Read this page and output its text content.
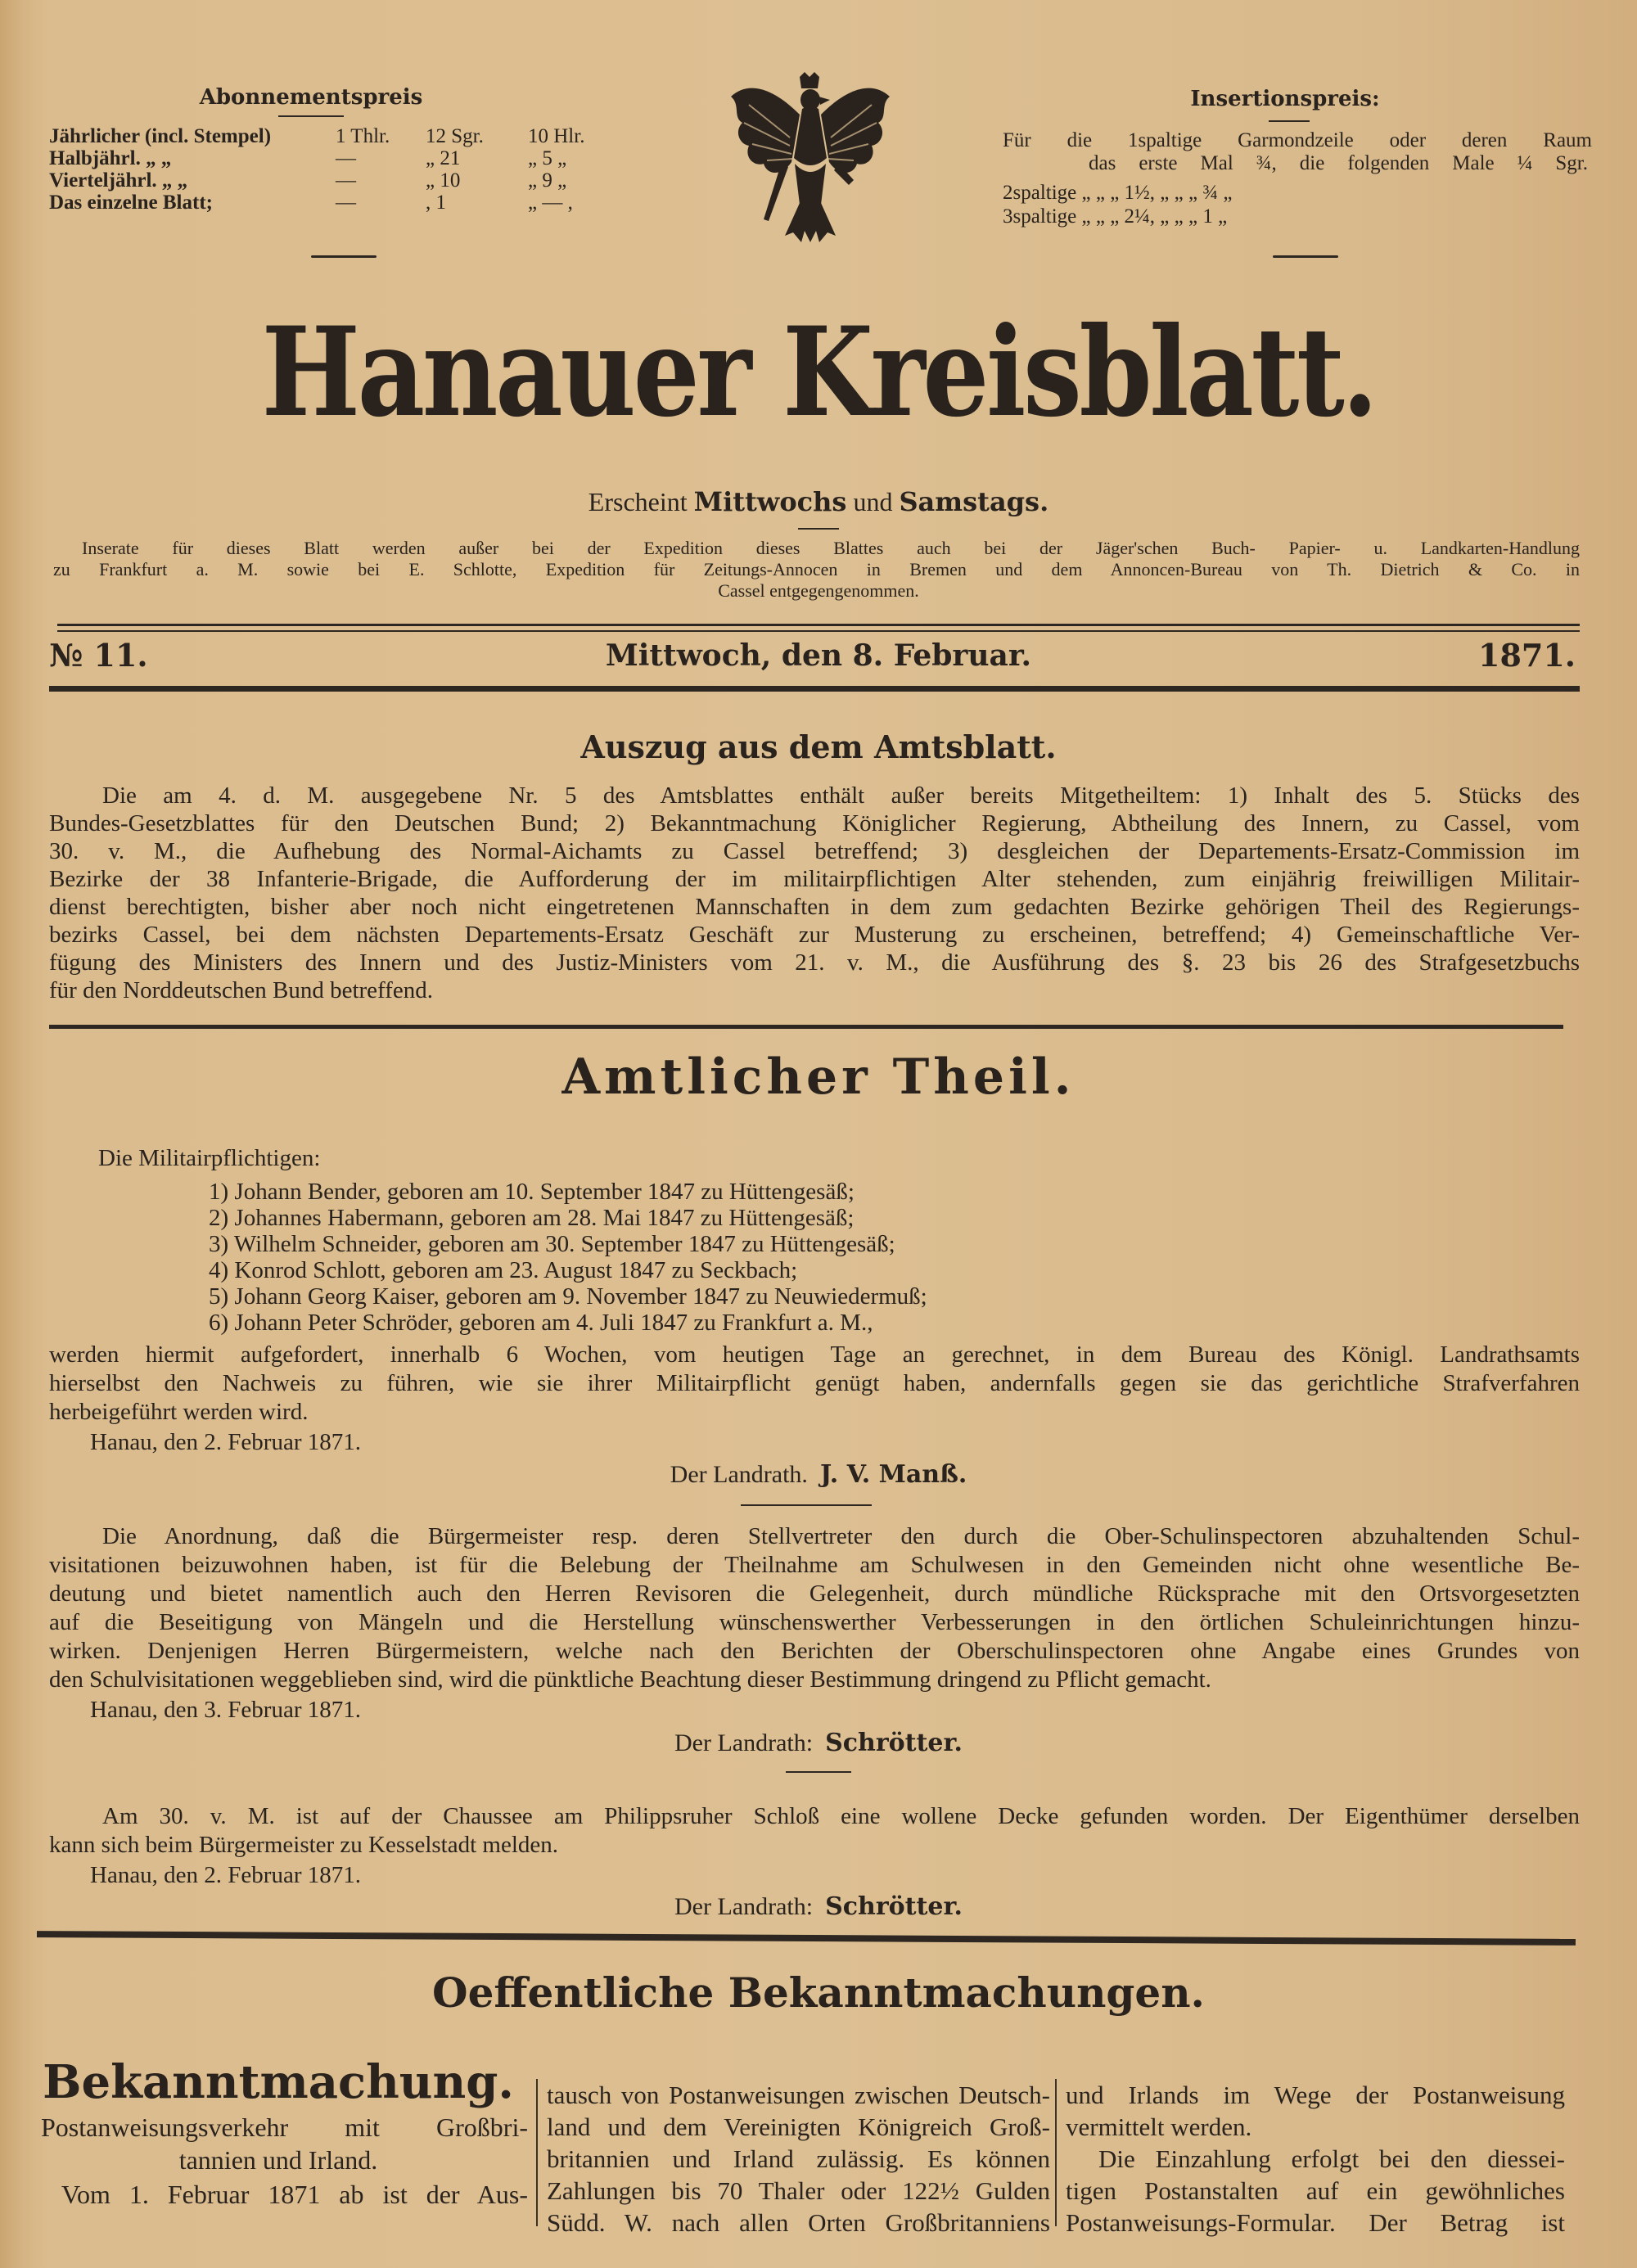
Abonnementspreis
Jährlicher (incl. Stempel)	1 Thlr. 12 Sgr. 10 Hlr.
Halbjährl. „ „	—	„ 21	„ 5 „
Vierteljährl. „ „	—	„ 10	„ 9 „
Das einzelne Blatt;	—	, 1	„ — ,
Insertionspreis:
Für die 1spaltige Garmondzeile oder deren Raum
das erste Mal ¾, die folgenden Male ¼ Sgr.
2spaltige „ „ „ 1½, „ „ „ ¾ „
3spaltige „ „ „ 2¼, „ „ „ 1 „
Hanauer Kreisblatt.
Erscheint Mittwochs und Samstags.
Inserate für dieses Blatt werden außer bei der Expedition dieses Blattes auch bei der Jäger'schen Buch- Papier- u. Landkarten-Handlung
zu Frankfurt a. M. sowie bei E. Schlotte, Expedition für Zeitungs-Annocen in Bremen und dem Annoncen-Bureau von Th. Dietrich & Co. in
Cassel entgegengenommen.
№ 11.	Mittwoch, den 8. Februar.	1871.
Auszug aus dem Amtsblatt.
Die am 4. d. M. ausgegebene Nr. 5 des Amtsblattes enthält außer bereits Mitgetheiltem: 1) Inhalt des 5. Stücks des
Bundes-Gesetzblattes für den Deutschen Bund; 2) Bekanntmachung Königlicher Regierung, Abtheilung des Innern, zu Cassel, vom
30. v. M., die Aufhebung des Normal-Aichamts zu Cassel betreffend; 3) desgleichen der Departements-Ersatz-Commission im
Bezirke der 38 Infanterie-Brigade, die Aufforderung der im militairpflichtigen Alter stehenden, zum einjährig freiwilligen Militair-
dienst berechtigten, bisher aber noch nicht eingetretenen Mannschaften in dem zum gedachten Bezirke gehörigen Theil des Regierungs-
bezirks Cassel, bei dem nächsten Departements-Ersatz Geschäft zur Musterung zu erscheinen, betreffend; 4) Gemeinschaftliche Ver-
fügung des Ministers des Innern und des Justiz-Ministers vom 21. v. M., die Ausführung des §. 23 bis 26 des Strafgesetzbuchs
für den Norddeutschen Bund betreffend.
Amtlicher Theil.
Die Militairpflichtigen:
1) Johann Bender, geboren am 10. September 1847 zu Hüttengesäß;
2) Johannes Habermann, geboren am 28. Mai 1847 zu Hüttengesäß;
3) Wilhelm Schneider, geboren am 30. September 1847 zu Hüttengesäß;
4) Konrod Schlott, geboren am 23. August 1847 zu Seckbach;
5) Johann Georg Kaiser, geboren am 9. November 1847 zu Neuwiedermuß;
6) Johann Peter Schröder, geboren am 4. Juli 1847 zu Frankfurt a. M.,
werden hiermit aufgefordert, innerhalb 6 Wochen, vom heutigen Tage an gerechnet, in dem Bureau des Königl. Landrathsamts
hierselbst den Nachweis zu führen, wie sie ihrer Militairpflicht genügt haben, andernfalls gegen sie das gerichtliche Strafverfahren
herbeigeführt werden wird.
Hanau, den 2. Februar 1871.
Der Landrath. J. V. Manß.
Die Anordnung, daß die Bürgermeister resp. deren Stellvertreter den durch die Ober-Schulinspectoren abzuhaltenden Schul-
visitationen beizuwohnen haben, ist für die Belebung der Theilnahme am Schulwesen in den Gemeinden nicht ohne wesentliche Be-
deutung und bietet namentlich auch den Herren Revisoren die Gelegenheit, durch mündliche Rücksprache mit den Ortsvorgesetzten
auf die Beseitigung von Mängeln und die Herstellung wünschenswerther Verbesserungen in den örtlichen Schuleinrichtungen hinzu-
wirken. Denjenigen Herren Bürgermeistern, welche nach den Berichten der Oberschulinspectoren ohne Angabe eines Grundes von
den Schulvisitationen weggeblieben sind, wird die pünktliche Beachtung dieser Bestimmung dringend zu Pflicht gemacht.
Hanau, den 3. Februar 1871.
Der Landrath: Schrötter.
Am 30. v. M. ist auf der Chaussee am Philippsruher Schloß eine wollene Decke gefunden worden. Der Eigenthümer derselben
kann sich beim Bürgermeister zu Kesselstadt melden.
Hanau, den 2. Februar 1871.
Der Landrath: Schrötter.
Oeffentliche Bekanntmachungen.
Bekanntmachung.
Postanweisungsverkehr mit Großbri-
tannien und Irland.
Vom 1. Februar 1871 ab ist der Aus-
tausch von Postanweisungen zwischen Deutsch-
land und dem Vereinigten Königreich Groß-
britannien und Irland zulässig. Es können
Zahlungen bis 70 Thaler oder 122½ Gulden
Südd. W. nach allen Orten Großbritanniens
und Irlands im Wege der Postanweisung
vermittelt werden.
Die Einzahlung erfolgt bei den diessei-
tigen Postanstalten auf ein gewöhnliches
Postanweisungs-Formular. Der Betrag ist
